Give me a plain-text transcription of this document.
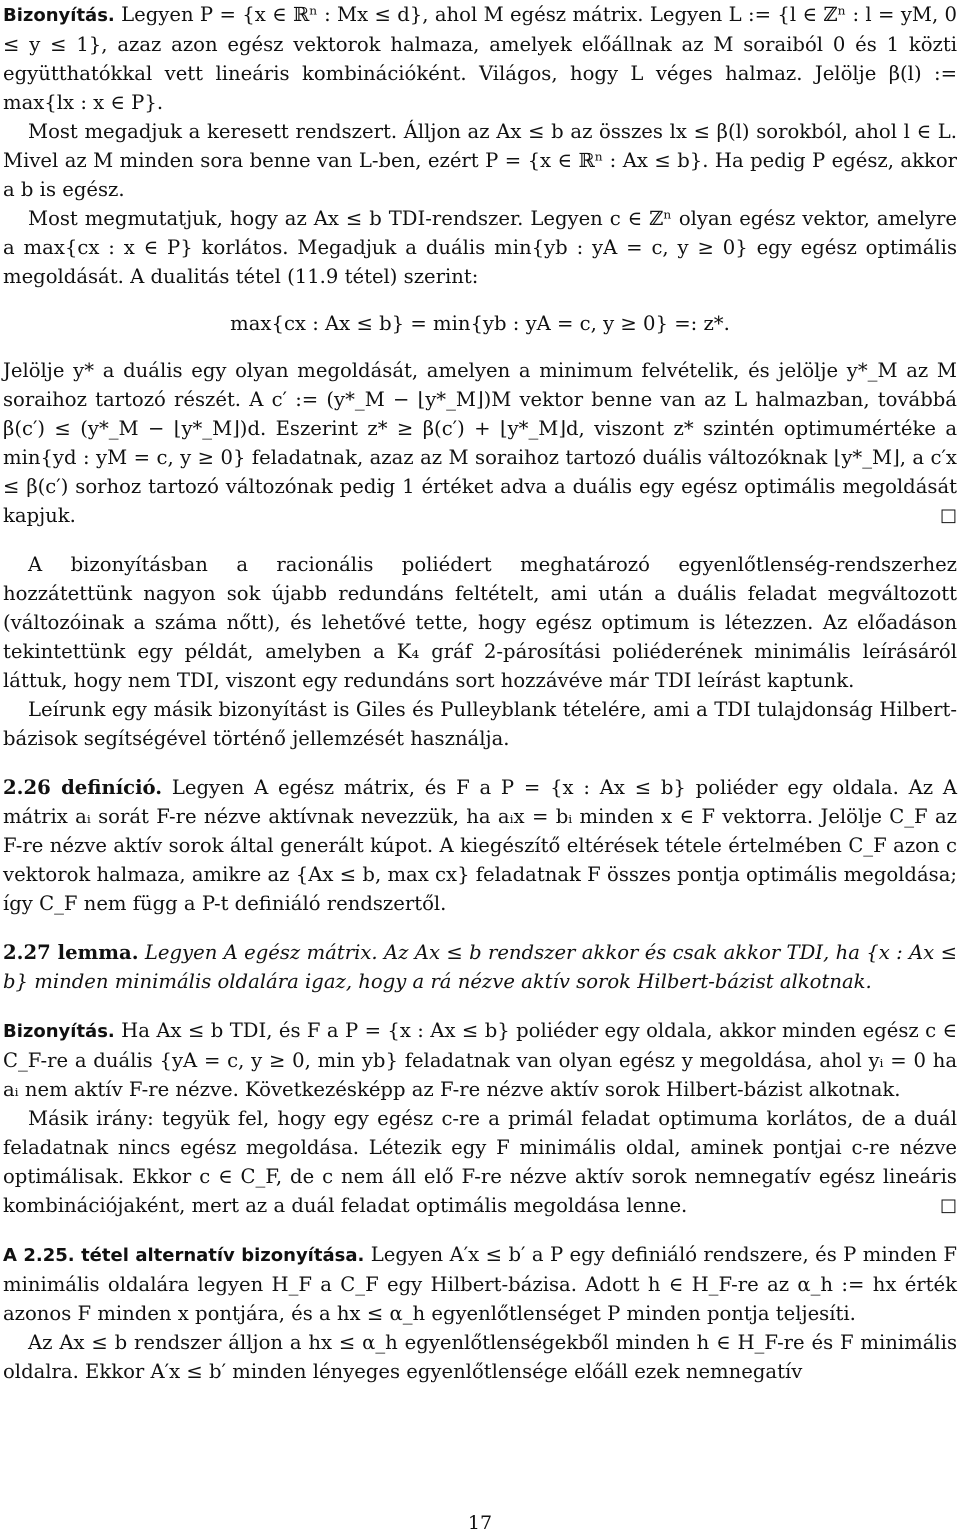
Bizonyítás. Legyen P = {x ∈ ℝⁿ : Mx ≤ d}, ahol M egész mátrix. Legyen L := {l ∈ ℤⁿ : l = yM, 0 ≤ y ≤ 1}, azaz azon egész vektorok halmaza, amelyek előállnak az M soraiból 0 és 1 közti együtthatókkal vett lineáris kombinációként. Világos, hogy L véges halmaz. Jelölje β(l) := max{lx : x ∈ P}.

Most megadjuk a keresett rendszert. Álljon az Ax ≤ b az összes lx ≤ β(l) sorokból, ahol l ∈ L. Mivel az M minden sora benne van L-ben, ezért P = {x ∈ ℝⁿ : Ax ≤ b}. Ha pedig P egész, akkor a b is egész.

Most megmutatjuk, hogy az Ax ≤ b TDI-rendszer. Legyen c ∈ ℤⁿ olyan egész vektor, amelyre a max{cx : x ∈ P} korlátos. Megadjuk a duális min{yb : yA = c, y ≥ 0} egy egész optimális megoldását. A dualitás tétel (11.9 tétel) szerint:

max{cx : Ax ≤ b} = min{yb : yA = c, y ≥ 0} =: z*.

Jelölje y* a duális egy olyan megoldását, amelyen a minimum felvételik, és jelölje y*_M az M soraihoz tartozó részét. A c′ := (y*_M − ⌊y*_M⌋)M vektor benne van az L halmazban, továbbá β(c′) ≤ (y*_M − ⌊y*_M⌋)d. Eszerint z* ≥ β(c′) + ⌊y*_M⌋d, viszont z* szintén optimumértéke a min{yd : yM = c, y ≥ 0} feladatnak, azaz az M soraihoz tartozó duális változóknak ⌊y*_M⌋, a c′x ≤ β(c′) sorhoz tartozó változónak pedig 1 értéket adva a duális egy egész optimális megoldását kapjuk.	□

A bizonyításban a racionális poliédert meghatározó egyenlőtlenség-rendszerhez hozzátettünk nagyon sok újabb redundáns feltételt, ami után a duális feladat megváltozott (változóinak a száma nőtt), és lehetővé tette, hogy egész optimum is létezzen. Az előadáson tekintettünk egy példát, amelyben a K₄ gráf 2-párosítási poliéderének minimális leírásáról láttuk, hogy nem TDI, viszont egy redundáns sort hozzávéve már TDI leírást kaptunk.

Leírunk egy másik bizonyítást is Giles és Pulleyblank tételére, ami a TDI tulajdonság Hilbert-bázisok segítségével történő jellemzését használja.

2.26 definíció. Legyen A egész mátrix, és F a P = {x : Ax ≤ b} poliéder egy oldala. Az A mátrix aᵢ sorát F-re nézve aktívnak nevezzük, ha aᵢx = bᵢ minden x ∈ F vektorra. Jelölje C_F az F-re nézve aktív sorok által generált kúpot. A kiegészítő eltérések tétele értelmében C_F azon c vektorok halmaza, amikre az {Ax ≤ b, max cx} feladatnak F összes pontja optimális megoldása; így C_F nem függ a P-t definiáló rendszertől.

2.27 lemma. Legyen A egész mátrix. Az Ax ≤ b rendszer akkor és csak akkor TDI, ha {x : Ax ≤ b} minden minimális oldalára igaz, hogy a rá nézve aktív sorok Hilbert-bázist alkotnak.

Bizonyítás. Ha Ax ≤ b TDI, és F a P = {x : Ax ≤ b} poliéder egy oldala, akkor minden egész c ∈ C_F-re a duális {yA = c, y ≥ 0, min yb} feladatnak van olyan egész y megoldása, ahol yᵢ = 0 ha aᵢ nem aktív F-re nézve. Következésképp az F-re nézve aktív sorok Hilbert-bázist alkotnak.

Másik irány: tegyük fel, hogy egy egész c-re a primál feladat optimuma korlátos, de a duál feladatnak nincs egész megoldása. Létezik egy F minimális oldal, aminek pontjai c-re nézve optimálisak. Ekkor c ∈ C_F, de c nem áll elő F-re nézve aktív sorok nemnegatív egész lineáris kombinációjaként, mert az a duál feladat optimális megoldása lenne.	□

A 2.25. tétel alternatív bizonyítása. Legyen A′x ≤ b′ a P egy definiáló rendszere, és P minden F minimális oldalára legyen H_F a C_F egy Hilbert-bázisa. Adott h ∈ H_F-re az α_h := hx érték azonos F minden x pontjára, és a hx ≤ α_h egyenlőtlenséget P minden pontja teljesíti.

Az Ax ≤ b rendszer álljon a hx ≤ α_h egyenlőtlenségekből minden h ∈ H_F-re és F minimális oldalra. Ekkor A′x ≤ b′ minden lényeges egyenlőtlensége előáll ezek nemnegatív

17
